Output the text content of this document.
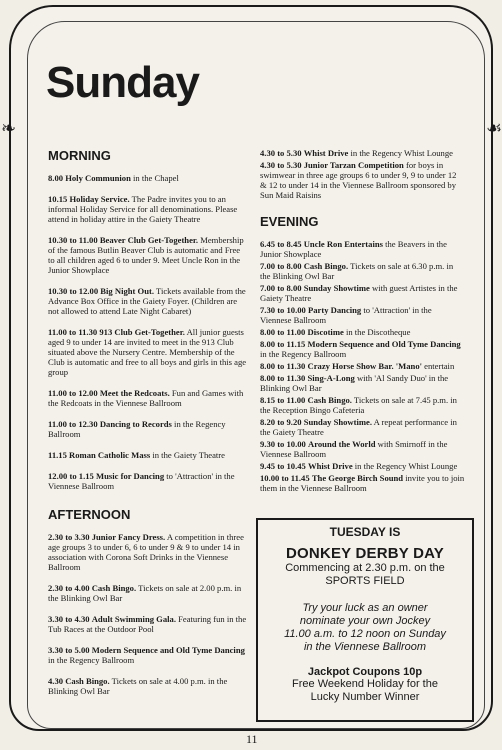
❧	☙
Sunday
MORNING
8.00 Holy Communion in the Chapel
10.15 Holiday Service. The Padre invites you to an informal Holiday Service for all denominations. Please attend in holiday attire in the Gaiety Theatre
10.30 to 11.00 Beaver Club Get-Together. Membership of the famous Butlin Beaver Club is automatic and Free to all children aged 6 to under 9. Meet Uncle Ron in the Junior Showplace
10.30 to 12.00 Big Night Out. Tickets available from the Advance Box Office in the Gaiety Foyer. (Children are not allowed to attend Late Night Cabaret)
11.00 to 11.30 913 Club Get-Together. All junior guests aged 9 to under 14 are invited to meet in the 913 Club situated above the Nursery Centre. Membership of the Club is automatic and free to all boys and girls in this age group
11.00 to 12.00 Meet the Redcoats. Fun and Games with the Redcoats in the Viennese Ballroom
11.00 to 12.30 Dancing to Records in the Regency Ballroom
11.15 Roman Catholic Mass in the Gaiety Theatre
12.00 to 1.15 Music for Dancing to 'Attraction' in the Viennese Ballroom
AFTERNOON
2.30 to 3.30 Junior Fancy Dress. A competition in three age groups 3 to under 6, 6 to under 9 & 9 to under 14 in association with Corona Soft Drinks in the Viennese Ballroom
2.30 to 4.00 Cash Bingo. Tickets on sale at 2.00 p.m. in the Blinking Owl Bar
3.30 to 4.30 Adult Swimming Gala. Featuring fun in the Tub Races at the Outdoor Pool
3.30 to 5.00 Modern Sequence and Old Tyme Dancing in the Regency Ballroom
4.30 Cash Bingo. Tickets on sale at 4.00 p.m. in the Blinking Owl Bar
4.30 to 5.30 Whist Drive in the Regency Whist Lounge
4.30 to 5.30 Junior Tarzan Competition for boys in swimwear in three age groups 6 to under 9, 9 to under 12 & 12 to under 14 in the Viennese Ballroom sponsored by Sun Maid Raisins
EVENING
6.45 to 8.45 Uncle Ron Entertains the Beavers in the Junior Showplace
7.00 to 8.00 Cash Bingo. Tickets on sale at 6.30 p.m. in the Blinking Owl Bar
7.00 to 8.00 Sunday Showtime with guest Artistes in the Gaiety Theatre
7.30 to 10.00 Party Dancing to 'Attraction' in the Viennese Ballroom
8.00 to 11.00 Discotime in the Discotheque
8.00 to 11.15 Modern Sequence and Old Tyme Dancing in the Regency Ballroom
8.00 to 11.30 Crazy Horse Show Bar. 'Mano' entertain
8.00 to 11.30 Sing-A-Long with 'Al Sandy Duo' in the Blinking Owl Bar
8.15 to 11.00 Cash Bingo. Tickets on sale at 7.45 p.m. in the Reception Bingo Cafeteria
8.20 to 9.20 Sunday Showtime. A repeat performance in the Gaiety Theatre
9.30 to 10.00 Around the World with Smirnoff in the Viennese Ballroom
9.45 to 10.45 Whist Drive in the Regency Whist Lounge
10.00 to 11.45 The George Birch Sound invite you to join them in the Viennese Ballroom
TUESDAY IS
DONKEY DERBY DAY
Commencing at 2.30 p.m. on the
SPORTS FIELD
Try your luck as an owner
nominate your own Jockey
11.00 a.m. to 12 noon on Sunday
in the Viennese Ballroom
Jackpot Coupons 10p
Free Weekend Holiday for the
Lucky Number Winner
11
